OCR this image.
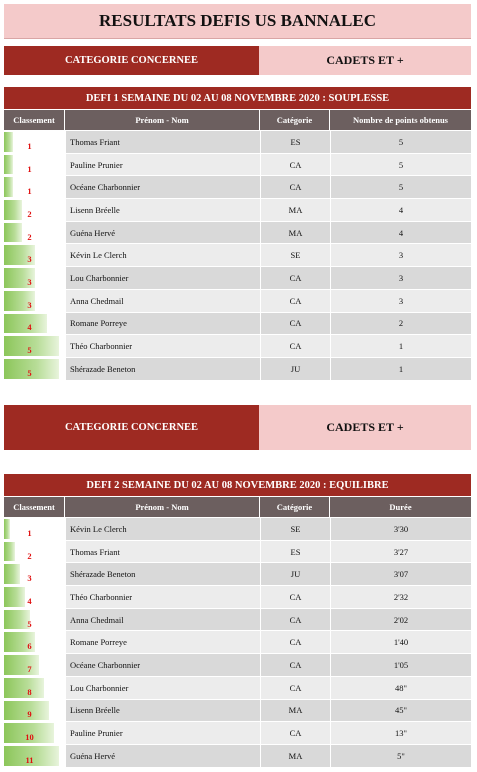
RESULTATS DEFIS US BANNALEC
CATEGORIE CONCERNEE	CADETS ET +
DEFI 1 SEMAINE DU 02 AU 08 NOVEMBRE 2020 : SOUPLESSE
Classement	Prénom - Nom	Catégorie	Nombre de points obtenus
1	Thomas Friant	ES	5
1	Pauline Prunier	CA	5
1	Océane Charbonnier	CA	5
2	Lisenn Bréelle	MA	4
2	Guéna Hervé	MA	4
3	Kévin Le Clerch	SE	3
3	Lou Charbonnier	CA	3
3	Anna Chedmail	CA	3
4	Romane Porreye	CA	2
5	Théo Charbonnier	CA	1
5	Shérazade Beneton	JU	1
CATEGORIE CONCERNEE	CADETS ET +
DEFI 2 SEMAINE DU 02 AU 08 NOVEMBRE 2020 : EQUILIBRE
Classement	Prénom - Nom	Catégorie	Durée
1	Kévin Le Clerch	SE	3'30
2	Thomas Friant	ES	3'27
3	Shérazade Beneton	JU	3'07
4	Théo Charbonnier	CA	2'32
5	Anna Chedmail	CA	2'02
6	Romane Porreye	CA	1'40
7	Océane Charbonnier	CA	1'05
8	Lou Charbonnier	CA	48"
9	Lisenn Bréelle	MA	45"
10	Pauline Prunier	CA	13"
11	Guéna Hervé	MA	5"
